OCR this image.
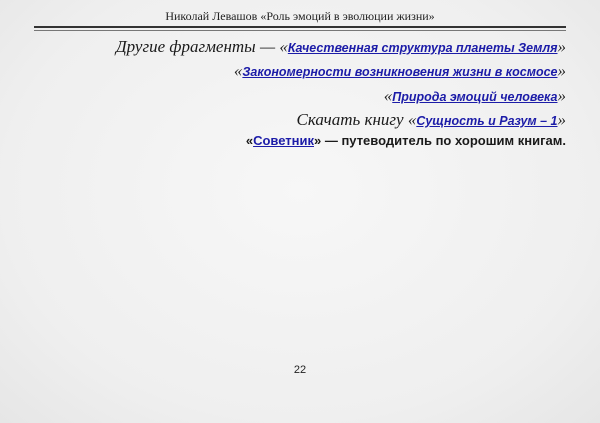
Николай Левашов «Роль эмоций в эволюции жизни»
Другие фрагменты — «Качественная структура планеты Земля»
«Закономерности возникновения жизни в космосе»
«Природа эмоций человека»
Скачать книгу «Сущность и Разум – 1»
«Советник» — путеводитель по хорошим книгам.
22
